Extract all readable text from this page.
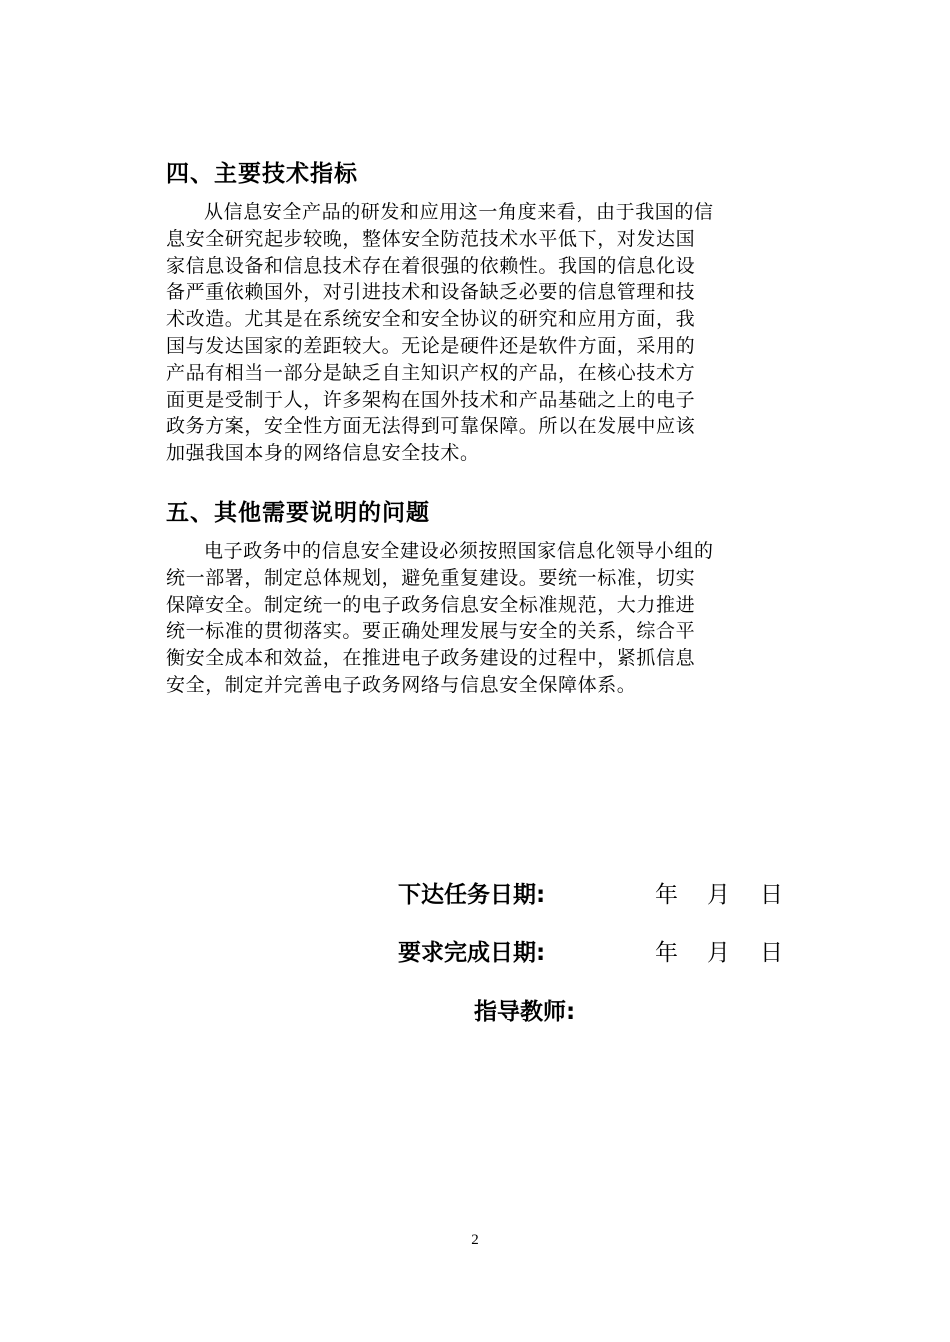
四、主要技术指标
从信息安全产品的研发和应用这一角度来看，由于我国的信
息安全研究起步较晚，整体安全防范技术水平低下，对发达国
家信息设备和信息技术存在着很强的依赖性。我国的信息化设
备严重依赖国外，对引进技术和设备缺乏必要的信息管理和技
术改造。尤其是在系统安全和安全协议的研究和应用方面，我
国与发达国家的差距较大。无论是硬件还是软件方面，采用的
产品有相当一部分是缺乏自主知识产权的产品，在核心技术方
面更是受制于人，许多架构在国外技术和产品基础之上的电子
政务方案，安全性方面无法得到可靠保障。所以在发展中应该
加强我国本身的网络信息安全技术。
五、其他需要说明的问题
电子政务中的信息安全建设必须按照国家信息化领导小组的
统一部署，制定总体规划，避免重复建设。要统一标准，切实
保障安全。制定统一的电子政务信息安全标准规范，大力推进
统一标准的贯彻落实。要正确处理发展与安全的关系，综合平
衡安全成本和效益，在推进电子政务建设的过程中，紧抓信息
安全，制定并完善电子政务网络与信息安全保障体系。
下达任务日期:	年 月 日
要求完成日期:	年 月 日
指导教师:
2
